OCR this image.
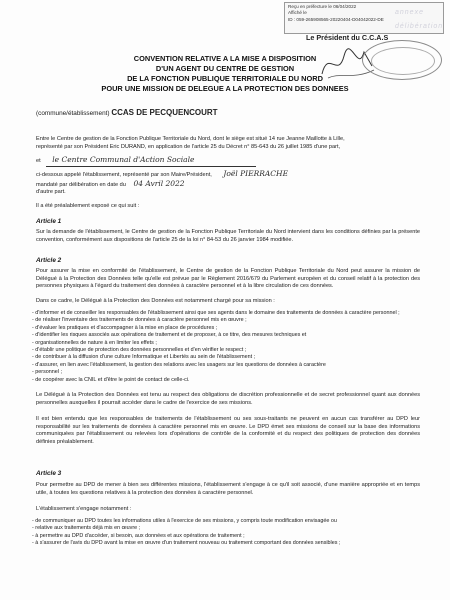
Reçu en préfecture le 06/04/2022
Affiché le
ID : 059-265908565-20220404-D04042022-DE
annexe délibération
Le Président du C.C.A.S
CONVENTION RELATIVE A LA MISE A DISPOSITION
D'UN AGENT DU CENTRE DE GESTION
DE LA FONCTION PUBLIQUE TERRITORIALE DU NORD
POUR UNE MISSION DE DELEGUE A LA PROTECTION DES DONNEES
(commune/établissement) CCAS DE PECQUENCOURT
Entre le Centre de gestion de la Fonction Publique Territoriale du Nord, dont le siège est situé 14 rue Jeanne Maillotte à Lille,
représenté par son Président Eric DURAND, en application de l'article 25 du Décret n° 85-643 du 26 juillet 1985 d'une part,
et le Centre Communal d'Action Sociale
ci-dessous appelé l'établissement, représenté par son Maire/Président, Joël PIERRACHE
mandaté par délibération en date du 04 Avril 2022
d'autre part.
Il a été préalablement exposé ce qui suit :
Article 1
Sur la demande de l'établissement, le Centre de gestion de la Fonction Publique Territoriale du Nord intervient dans les conditions définies par la présente convention, conformément aux dispositions de l'article 25 de la loi n° 84-53 du 26 janvier 1984 modifiée.
Article 2
Pour assurer la mise en conformité de l'établissement, le Centre de gestion de la Fonction Publique Territoriale du Nord peut assurer la mission de Délégué à la Protection des Données telle qu'elle est prévue par le Règlement 2016/679 du Parlement européen et du conseil relatif à la protection des personnes physiques à l'égard du traitement des données à caractère personnel et à la libre circulation de ces données.
Dans ce cadre, le Délégué à la Protection des Données est notamment chargé pour sa mission :
- d'informer et de conseiller les responsables de l'établissement ainsi que ses agents dans le domaine des traitements de données à caractère personnel ;
- de réaliser l'inventaire des traitements de données à caractère personnel mis en œuvre ;
- d'évaluer les pratiques et d'accompagner à la mise en place de procédures ;
- d'identifier les risques associés aux opérations de traitement et de proposer, à ce titre, des mesures techniques et
- organisationnelles de nature à en limiter les effets ;
- d'établir une politique de protection des données personnelles et d'en vérifier le respect ;
- de contribuer à la diffusion d'une culture Informatique et Libertés au sein de l'établissement ;
- d'assurer, en lien avec l'établissement, la gestion des relations avec les usagers sur les questions de données à caractère
- personnel ;
- de coopérer avec la CNIL et d'être le point de contact de celle-ci.
Le Délégué à la Protection des Données est tenu au respect des obligations de discrétion professionnelle et de secret professionnel quant aux données personnelles auxquelles il pourrait accéder dans le cadre de l'exercice de ses missions.
Il est bien entendu que les responsables de traitements de l'établissement ou ses sous-traitants ne peuvent en aucun cas transférer au DPD leur responsabilité sur les traitements de données à caractère personnel mis en œuvre. Le DPD émet ses missions de conseil sur la base des informations communiquées par l'établissement ou relevées lors d'opérations de contrôle de la conformité et du respect des politiques de protection des données définies préalablement.
Article 3
Pour permettre au DPD de mener à bien ses différentes missions, l'établissement s'engage à ce qu'il soit associé, d'une manière appropriée et en temps utile, à toutes les questions relatives à la protection des données à caractère personnel.
L'établissement s'engage notamment :
- de communiquer au DPD toutes les informations utiles à l'exercice de ses missions, y compris toute modification envisagée ou
- relative aux traitements déjà mis en œuvre ;
- à permettre au DPD d'accéder, si besoin, aux données et aux opérations de traitement ;
- à s'assurer de l'avis du DPD avant la mise en œuvre d'un traitement nouveau ou traitement comportant des données sensibles ;
